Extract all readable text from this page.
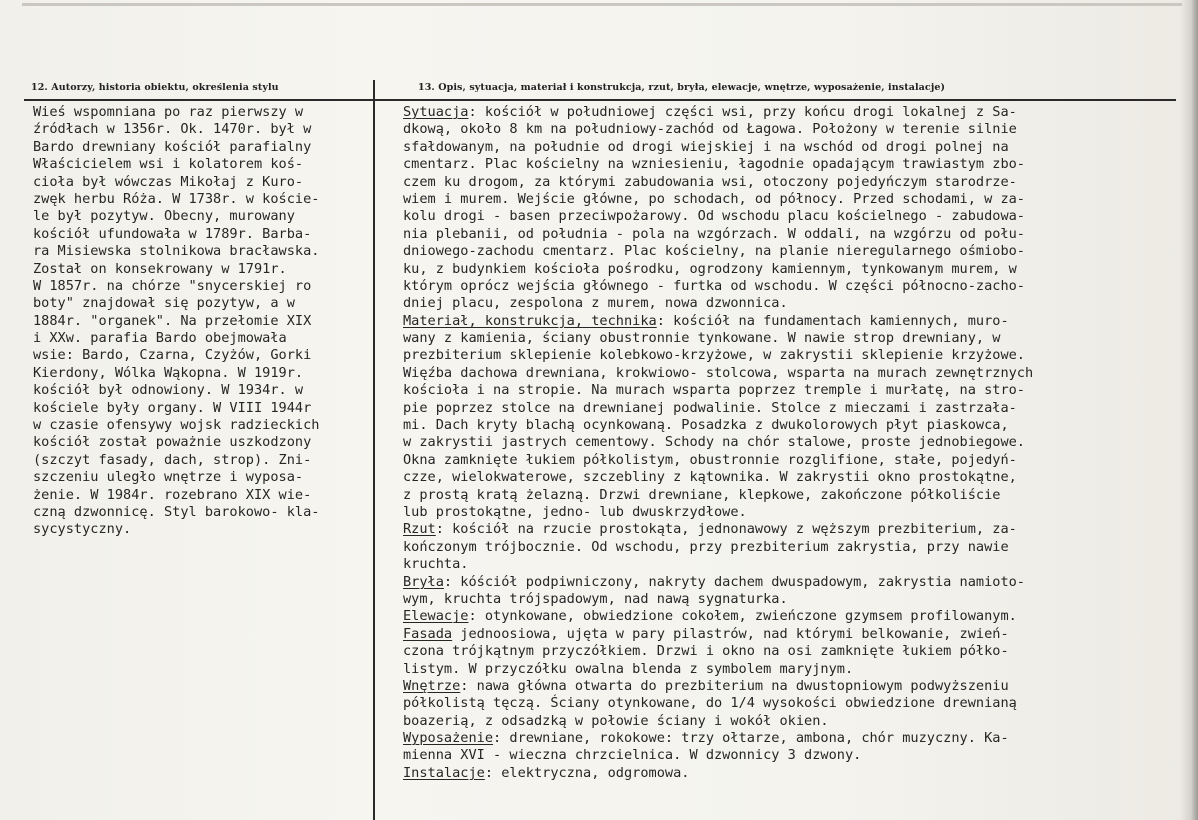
12. Autorzy, historia obiektu, określenia stylu	13. Opis, sytuacja, materiał i konstrukcja, rzut, bryła, elewacje, wnętrze, wyposażenie, instalacje)
Wieś wspomniana po raz pierwszy w
źródłach w 1356r. Ok. 1470r. był w
Bardo drewniany kościół parafialny
Właścicielem wsi i kolatorem koś-
cioła był wówczas Mikołaj z Kuro-
zwęk herbu Róża. W 1738r. w koście-
le był pozytyw. Obecny, murowany
kościół ufundowała w 1789r. Barba-
ra Misiewska stolnikowa bracławska.
Został on konsekrowany w 1791r.
W 1857r. na chórze "snycerskiej ro
boty" znajdował się pozytyw, a w
1884r. "organek". Na przełomie XIX
i XXw. parafia Bardo obejmowała
wsie: Bardo, Czarna, Czyżów, Gorki
Kierdony, Wólka Wąkopna. W 1919r.
kościół był odnowiony. W 1934r. w
kościele były organy. W VIII 1944r
w czasie ofensywy wojsk radzieckich
kościół został poważnie uszkodzony
(szczyt fasady, dach, strop). Zni-
szczeniu uległo wnętrze i wyposa-
żenie. W 1984r. rozebrano XIX wie-
czną dzwonnicę. Styl barokowo- kla-
sycystyczny.
Sytuacja: kościół w południowej części wsi, przy końcu drogi lokalnej z Sa-
dkową, około 8 km na południowy-zachód od Łagowa. Położony w terenie silnie
sfałdowanym, na południe od drogi wiejskiej i na wschód od drogi polnej na
cmentarz. Plac kościelny na wzniesieniu, łagodnie opadającym trawiastym zbo-
czem ku drogom, za którymi zabudowania wsi, otoczony pojedyńczym starodrze-
wiem i murem. Wejście główne, po schodach, od północy. Przed schodami, w za-
kolu drogi - basen przeciwpożarowy. Od wschodu placu kościelnego - zabudowa-
nia plebanii, od południa - pola na wzgórzach. W oddali, na wzgórzu od połu-
dniowego-zachodu cmentarz. Plac kościelny, na planie nieregularnego ośmiobo-
ku, z budynkiem kościoła pośrodku, ogrodzony kamiennym, tynkowanym murem, w
którym oprócz wejścia głównego - furtka od wschodu. W części północno-zacho-
dniej placu, zespolona z murem, nowa dzwonnica.
Materiał, konstrukcja, technika: kościół na fundamentach kamiennych, muro-
wany z kamienia, ściany obustronnie tynkowane. W nawie strop drewniany, w
prezbiterium sklepienie kolebkowo-krzyżowe, w zakrystii sklepienie krzyżowe.
Więźba dachowa drewniana, krokwiowo- stolcowa, wsparta na murach zewnętrznych
kościoła i na stropie. Na murach wsparta poprzez tremple i murłatę, na stro-
pie poprzez stolce na drewnianej podwalinie. Stolce z mieczami i zastrzała-
mi. Dach kryty blachą ocynkowaną. Posadzka z dwukolorowych płyt piaskowca,
w zakrystii jastrych cementowy. Schody na chór stalowe, proste jednobiegowe.
Okna zamknięte łukiem półkolistym, obustronnie rozglifione, stałe, pojedyń-
czze, wielokwaterowe, szczebliny z kątownika. W zakrystii okno prostokątne,
z prostą kratą żelazną. Drzwi drewniane, klepkowe, zakończone półkoliście
lub prostokątne, jedno- lub dwuskrzydłowe.
Rzut: kościół na rzucie prostokąta, jednonawowy z węższym prezbiterium, za-
kończonym trójbocznie. Od wschodu, przy prezbiterium zakrystia, przy nawie
kruchta.
Bryła: kóściół podpiwniczony, nakryty dachem dwuspadowym, zakrystia namioto-
wym, kruchta trójspadowym, nad nawą sygnaturka.
Elewacje: otynkowane, obwiedzione cokołem, zwieńczone gzymsem profilowanym.
Fasada jednoosiowa, ujęta w pary pilastrów, nad którymi belkowanie, zwień-
czona trójkątnym przyczółkiem. Drzwi i okno na osi zamknięte łukiem półko-
listym. W przyczółku owalna blenda z symbolem maryjnym.
Wnętrze: nawa główna otwarta do prezbiterium na dwustopniowym podwyższeniu
półkolistą tęczą. Ściany otynkowane, do 1/4 wysokości obwiedzione drewnianą
boazerią, z odsadzką w połowie ściany i wokół okien.
Wyposażenie: drewniane, rokokowe: trzy ołtarze, ambona, chór muzyczny. Ka-
mienna XVI - wieczna chrzcielnica. W dzwonnicy 3 dzwony.
Instalacje: elektryczna, odgromowa.
